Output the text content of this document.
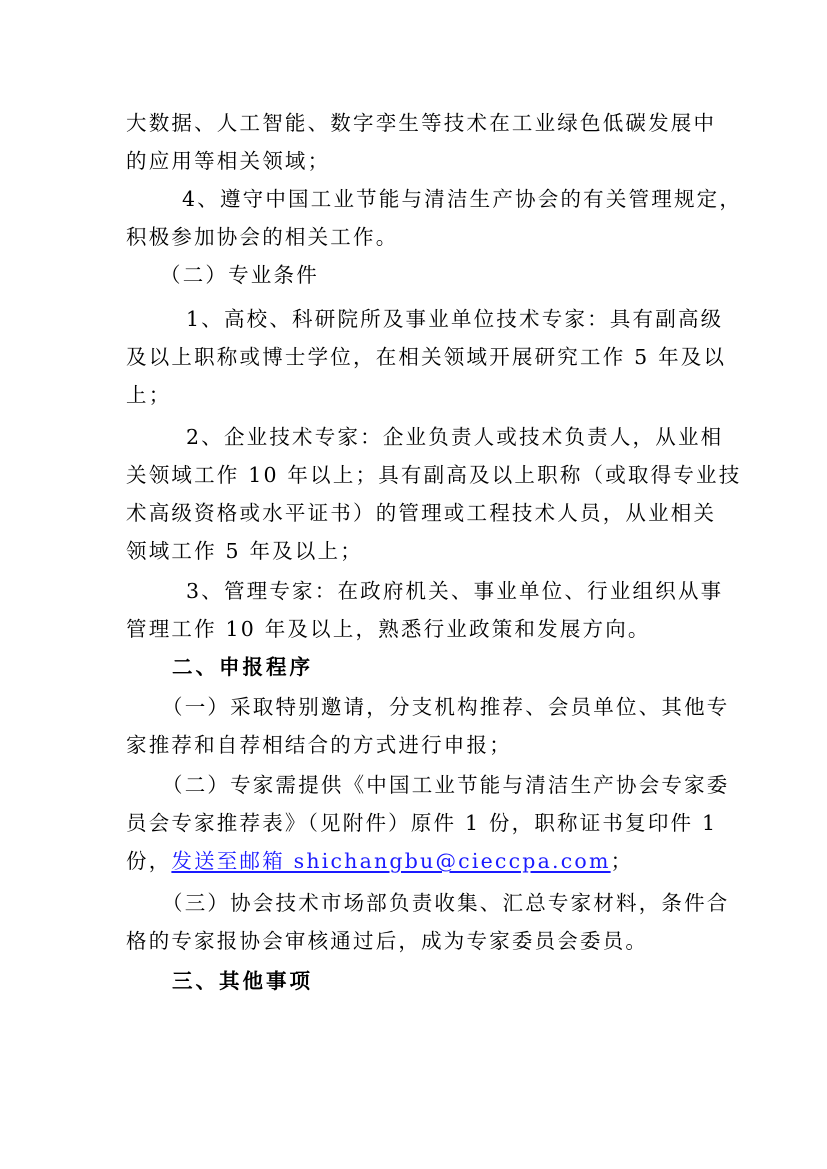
大数据、人工智能、数字孪生等技术在工业绿色低碳发展中
的应用等相关领域；
4、遵守中国工业节能与清洁生产协会的有关管理规定，
积极参加协会的相关工作。
（二）专业条件
1、高校、科研院所及事业单位技术专家：具有副高级
及以上职称或博士学位，在相关领域开展研究工作 5 年及以
上；
2、企业技术专家：企业负责人或技术负责人，从业相
关领域工作 10 年以上；具有副高及以上职称（或取得专业技
术高级资格或水平证书）的管理或工程技术人员，从业相关
领域工作 5 年及以上；
3、管理专家：在政府机关、事业单位、行业组织从事
管理工作 10 年及以上，熟悉行业政策和发展方向。
二、申报程序
（一）采取特别邀请，分支机构推荐、会员单位、其他专
家推荐和自荐相结合的方式进行申报；
（二）专家需提供《中国工业节能与清洁生产协会专家委
员会专家推荐表》（见附件）原件 1 份，职称证书复印件 1
份，发送至邮箱 shichangbu@cieccpa.com；
（三）协会技术市场部负责收集、汇总专家材料，条件合
格的专家报协会审核通过后，成为专家委员会委员。
三、其他事项
